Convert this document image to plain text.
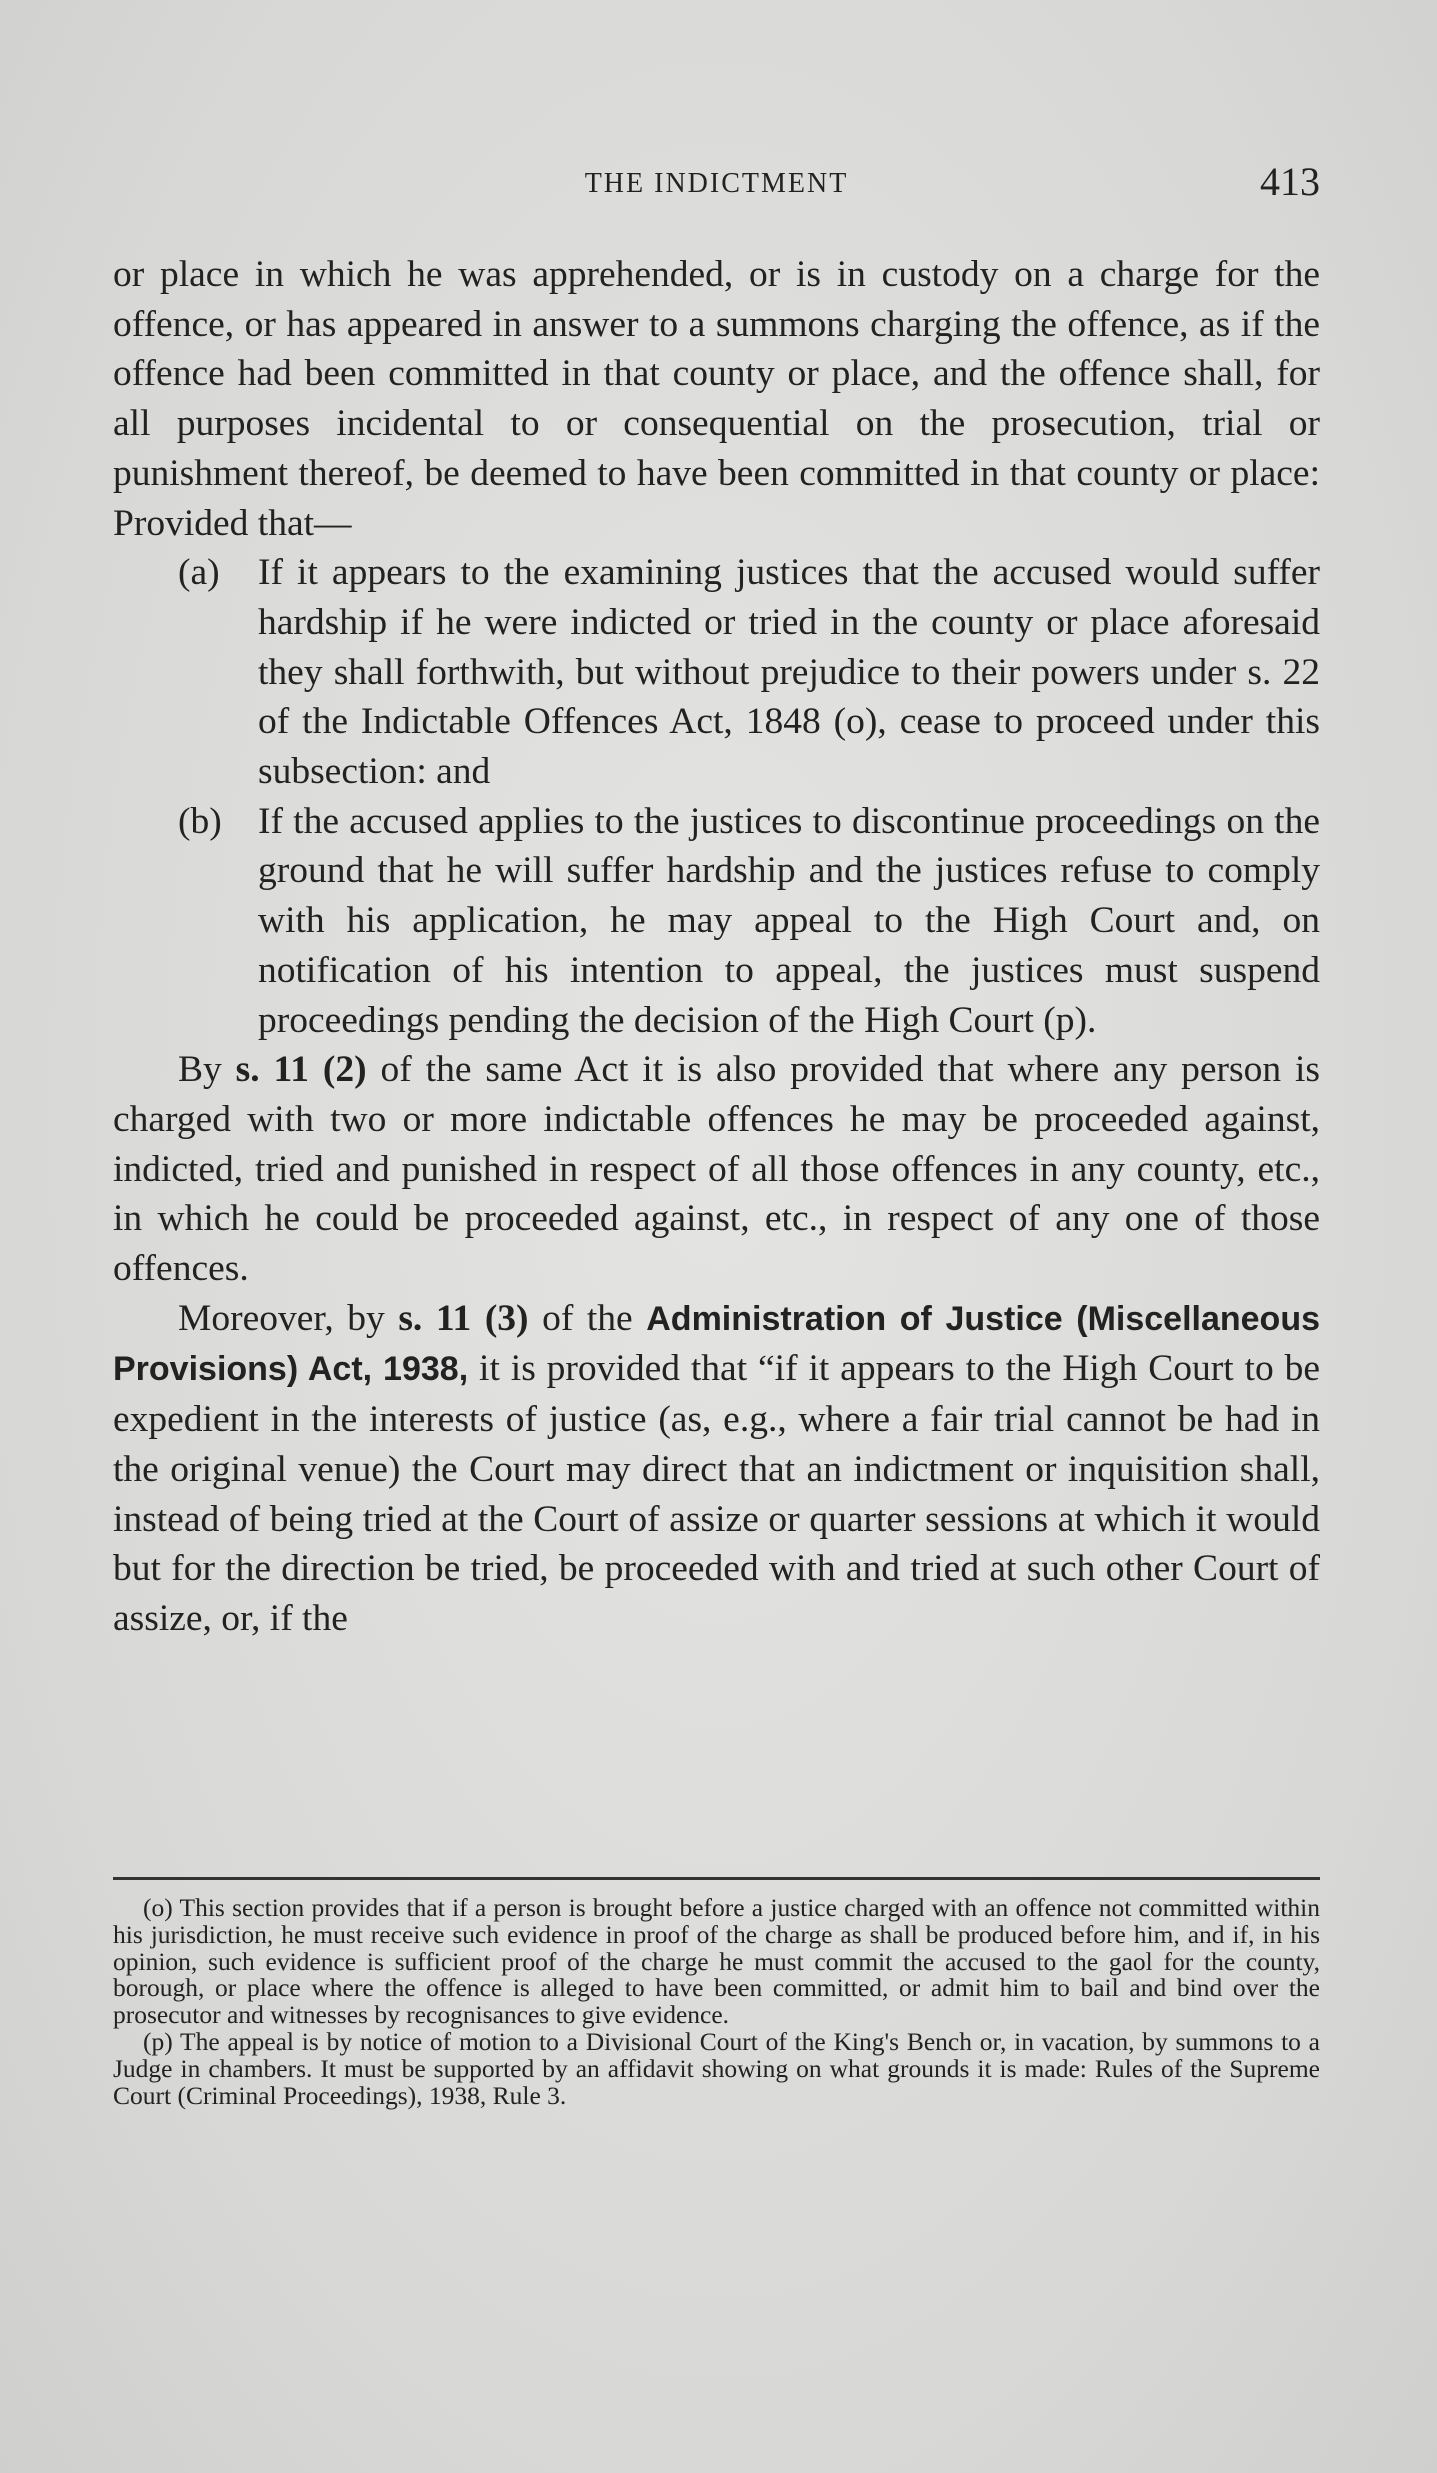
THE INDICTMENT	413

or place in which he was apprehended, or is in custody on a charge for the offence, or has appeared in answer to a summons charging the offence, as if the offence had been committed in that county or place, and the offence shall, for all purposes incidental to or consequential on the prosecution, trial or punishment thereof, be deemed to have been committed in that county or place: Provided that—

(a) If it appears to the examining justices that the accused would suffer hardship if he were indicted or tried in the county or place aforesaid they shall forthwith, but without prejudice to their powers under s. 22 of the Indictable Offences Act, 1848 (o), cease to proceed under this subsection: and
(b) If the accused applies to the justices to discontinue proceedings on the ground that he will suffer hardship and the justices refuse to comply with his application, he may appeal to the High Court and, on notification of his intention to appeal, the justices must suspend proceedings pending the decision of the High Court (p).

By s. 11 (2) of the same Act it is also provided that where any person is charged with two or more indictable offences he may be proceeded against, indicted, tried and punished in respect of all those offences in any county, etc., in which he could be proceeded against, etc., in respect of any one of those offences.

Moreover, by s. 11 (3) of the Administration of Justice (Miscellaneous Provisions) Act, 1938, it is provided that “if it appears to the High Court to be expedient in the interests of justice (as, e.g., where a fair trial cannot be had in the original venue) the Court may direct that an indictment or inquisition shall, instead of being tried at the Court of assize or quarter sessions at which it would but for the direction be tried, be proceeded with and tried at such other Court of assize, or, if the

(o) This section provides that if a person is brought before a justice charged with an offence not committed within his jurisdiction, he must receive such evidence in proof of the charge as shall be produced before him, and if, in his opinion, such evidence is sufficient proof of the charge he must commit the accused to the gaol for the county, borough, or place where the offence is alleged to have been committed, or admit him to bail and bind over the prosecutor and witnesses by recognisances to give evidence.

(p) The appeal is by notice of motion to a Divisional Court of the King's Bench or, in vacation, by summons to a Judge in chambers. It must be supported by an affidavit showing on what grounds it is made: Rules of the Supreme Court (Criminal Proceedings), 1938, Rule 3.
